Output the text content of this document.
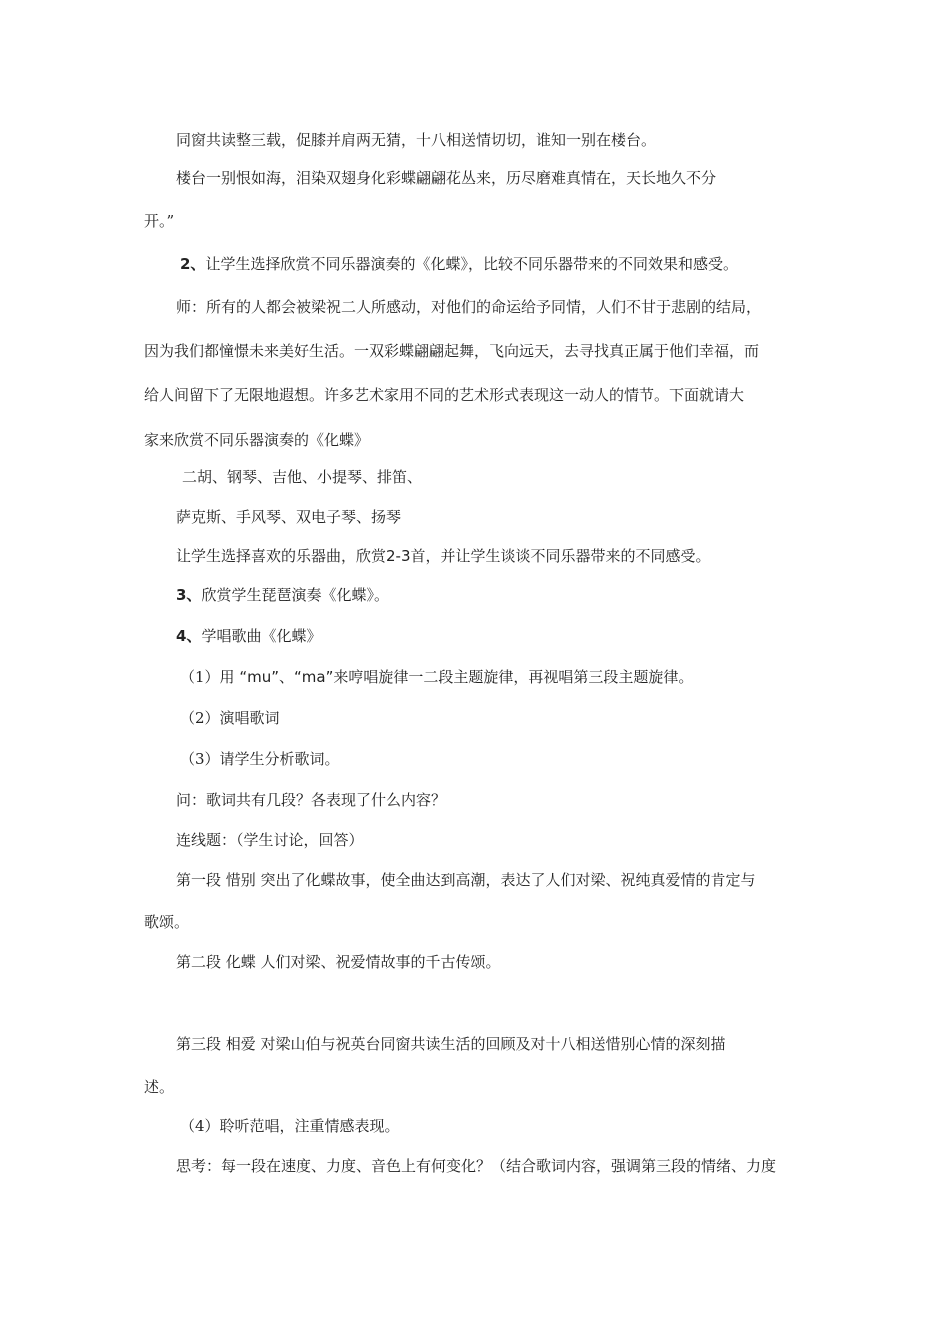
同窗共读整三载，促膝并肩两无猜，十八相送情切切，谁知一别在楼台。
楼台一别恨如海，泪染双翅身化彩蝶翩翩花丛来，历尽磨难真情在，天长地久不分
开。”
2、让学生选择欣赏不同乐器演奏的《化蝶》，比较不同乐器带来的不同效果和感受。
师：所有的人都会被梁祝二人所感动，对他们的命运给予同情，人们不甘于悲剧的结局，
因为我们都憧憬未来美好生活。一双彩蝶翩翩起舞，飞向远天，去寻找真正属于他们幸福，而
给人间留下了无限地遐想。许多艺术家用不同的艺术形式表现这一动人的情节。下面就请大
家来欣赏不同乐器演奏的《化蝶》
二胡、钢琴、吉他、小提琴、排笛、
萨克斯、手风琴、双电子琴、扬琴
让学生选择喜欢的乐器曲，欣赏2-3首，并让学生谈谈不同乐器带来的不同感受。
3、欣赏学生琵琶演奏《化蝶》。
4、学唱歌曲《化蝶》
（1）用 “mu”、“ma”来哼唱旋律一二段主题旋律，再视唱第三段主题旋律。
（2）演唱歌词
（3）请学生分析歌词。
问：歌词共有几段？各表现了什么内容？
连线题：（学生讨论，回答）
第一段 惜别 突出了化蝶故事，使全曲达到高潮，表达了人们对梁、祝纯真爱情的肯定与
歌颂。
第二段 化蝶 人们对梁、祝爱情故事的千古传颂。
第三段 相爱 对梁山伯与祝英台同窗共读生活的回顾及对十八相送惜别心情的深刻描
述。
（4）聆听范唱，注重情感表现。
思考：每一段在速度、力度、音色上有何变化？（结合歌词内容，强调第三段的情绪、力度
